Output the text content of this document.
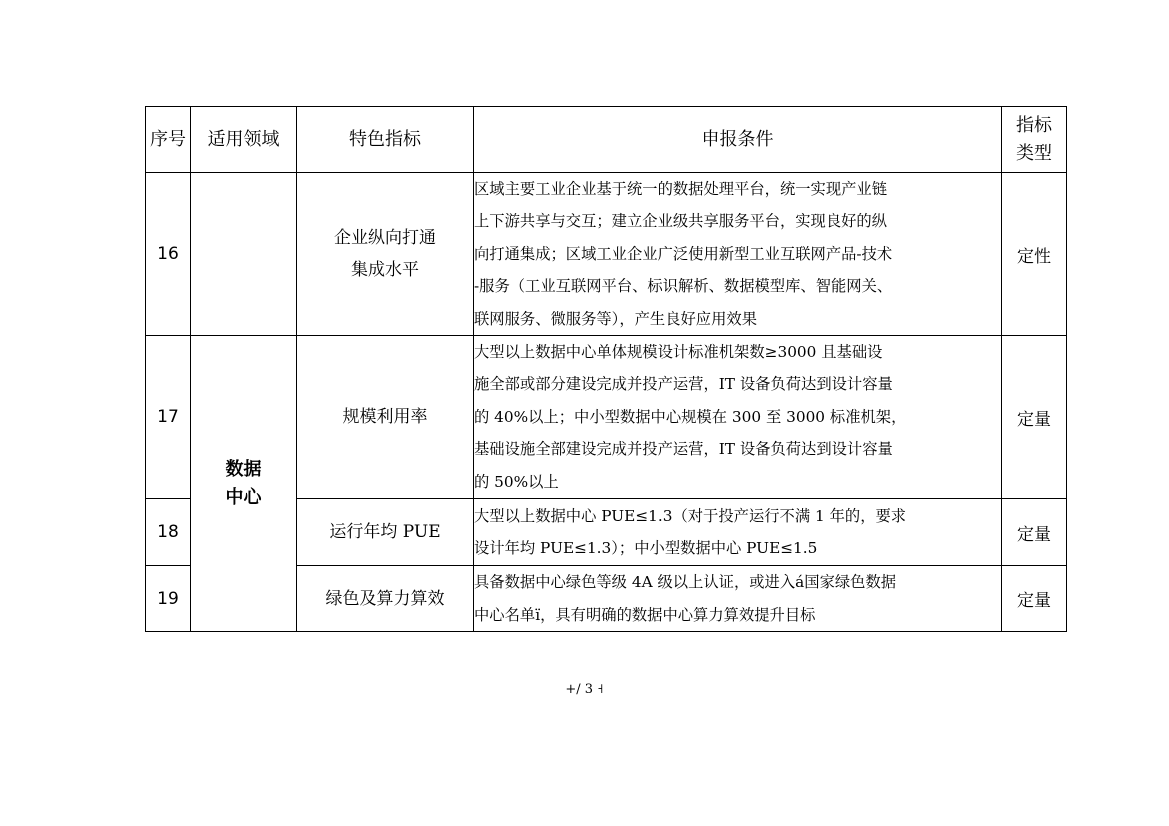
序号	适用领域	特色指标	申报条件	指标
类型

16		企业纵向打通
集成水平	区域主要工业企业基于统一的数据处理平台，统一实现产业链
上下游共享与交互；建立企业级共享服务平台，实现良好的纵
向打通集成；区域工业企业广泛使用新型工业互联网产品-技术
-服务（工业互联网平台、标识解析、数据模型库、智能网关、
联网服务、微服务等），产生良好应用效果	定性
17	数据
中心	规模利用率	大型以上数据中心单体规模设计标准机架数≥3000 且基础设
施全部或部分建设完成并投产运营，IT 设备负荷达到设计容量
的 40%以上；中小型数据中心规模在 300 至 3000 标准机架，
基础设施全部建设完成并投产运营，IT 设备负荷达到设计容量
的 50%以上	定量
18		运行年均 PUE	大型以上数据中心 PUE≤1.3（对于投产运行不满 1 年的，要求
设计年均 PUE≤1.3）；中小型数据中心 PUE≤1.5	定量
19		绿色及算力算效	具备数据中心绿色等级 4A 级以上认证，或进入á国家绿色数据
中心名单ï，具有明确的数据中心算力算效提升目标	定量
+/ 3 ˧
